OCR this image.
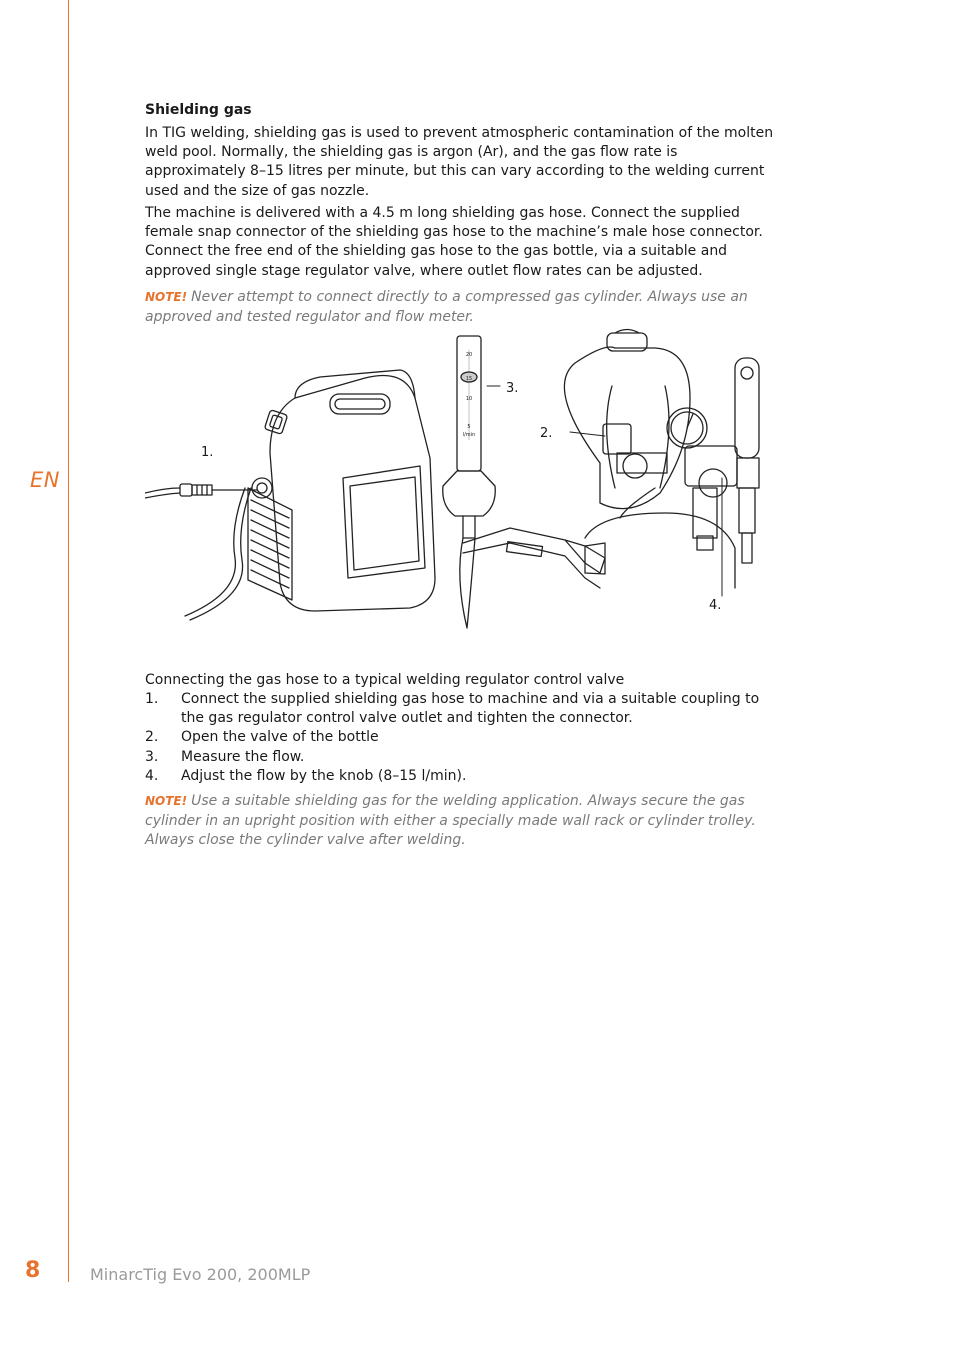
EN
Shielding gas

In TIG welding, shielding gas is used to prevent atmospheric contamination of the molten weld pool. Normally, the shielding gas is argon (Ar), and the gas flow rate is approximately 8–15 litres per minute, but this can vary according to the welding current used and the size of gas nozzle.

The machine is delivered with a 4.5 m long shielding gas hose. Connect the supplied female snap connector of the shielding gas hose to the machine’s male hose connector. Connect the free end of the shielding gas hose to the gas bottle, via a suitable and approved single stage regulator valve, where outlet flow rates can be adjusted.

NOTE! Never attempt to connect directly to a compressed gas cylinder. Always use an approved and tested regulator and flow meter.

Connecting the gas hose to a typical welding regulator control valve
1.	Connect the supplied shielding gas hose to machine and via a suitable coupling to the gas regulator control valve outlet and tighten the connector.
2.	Open the valve of the bottle
3.	Measure the flow.
4.	Adjust the flow by the knob (8–15 l/min).

NOTE! Use a suitable shielding gas for the welding application. Always secure the gas cylinder in an upright position with either a specially made wall rack or cylinder trolley. Always close the cylinder valve after welding.

20
15
10
5
l/min
1.
2.
3.
4.
8	MinarcTig Evo 200, 200MLP
